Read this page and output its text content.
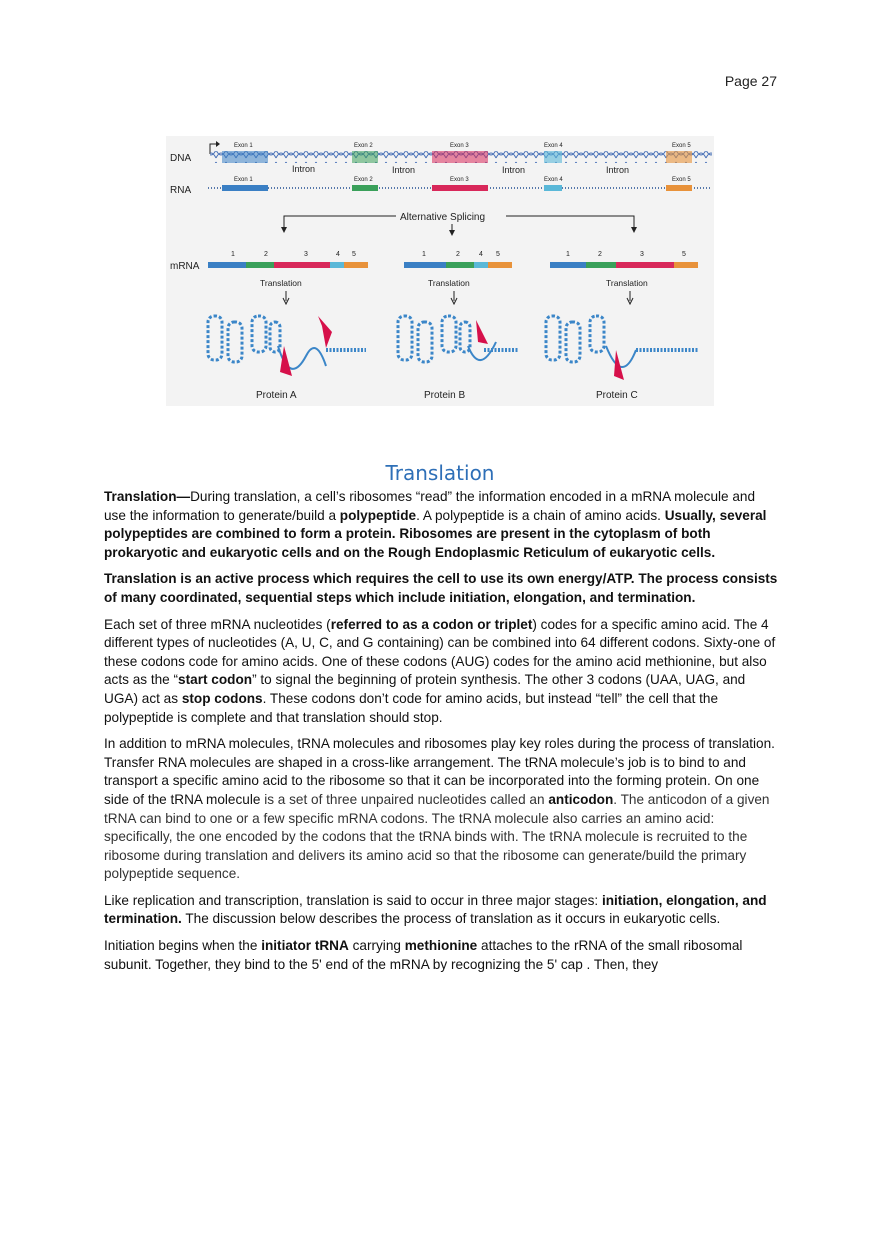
Page 27
DNA
Exon 1	Exon 2	Exon 3	Exon 4	Exon 5
Intron	Intron	Intron	Intron
RNA
Exon 1	Exon 2	Exon 3	Exon 4	Exon 5
Alternative Splicing
mRNA
1	2	3	4 5	1	2	4 5	1	2	3	5
Translation	Translation	Translation
Protein A	Protein B	Protein C
Translation

Translation—During translation, a cell’s ribosomes “read” the information encoded in a mRNA molecule and use the information to generate/build a polypeptide. A polypeptide is a chain of amino acids. Usually, several polypeptides are combined to form a protein. Ribosomes are present in the cytoplasm of both prokaryotic and eukaryotic cells and on the Rough Endoplasmic Reticulum of eukaryotic cells.

Translation is an active process which requires the cell to use its own energy/ATP. The process consists of many coordinated, sequential steps which include initiation, elongation, and termination.

Each set of three mRNA nucleotides (referred to as a codon or triplet) codes for a specific amino acid. The 4 different types of nucleotides (A, U, C, and G containing) can be combined into 64 different codons. Sixty-one of these codons code for amino acids. One of these codons (AUG) codes for the amino acid methionine, but also acts as the “start codon” to signal the beginning of protein synthesis. The other 3 codons (UAA, UAG, and UGA) act as stop codons. These codons don’t code for amino acids, but instead “tell” the cell that the polypeptide is complete and that translation should stop.

In addition to mRNA molecules, tRNA molecules and ribosomes play key roles during the process of translation. Transfer RNA molecules are shaped in a cross-like arrangement. The tRNA molecule’s job is to bind to and transport a specific amino acid to the ribosome so that it can be incorporated into the forming protein. On one side of the tRNA molecule is a set of three unpaired nucleotides called an anticodon. The anticodon of a given tRNA can bind to one or a few specific mRNA codons. The tRNA molecule also carries an amino acid: specifically, the one encoded by the codons that the tRNA binds with. The tRNA molecule is recruited to the ribosome during translation and delivers its amino acid so that the ribosome can generate/build the primary polypeptide sequence.

Like replication and transcription, translation is said to occur in three major stages: initiation, elongation, and termination. The discussion below describes the process of translation as it occurs in eukaryotic cells.

Initiation begins when the initiator tRNA carrying methionine attaches to the rRNA of the small ribosomal subunit. Together, they bind to the 5' end of the mRNA by recognizing the 5' cap . Then, they
